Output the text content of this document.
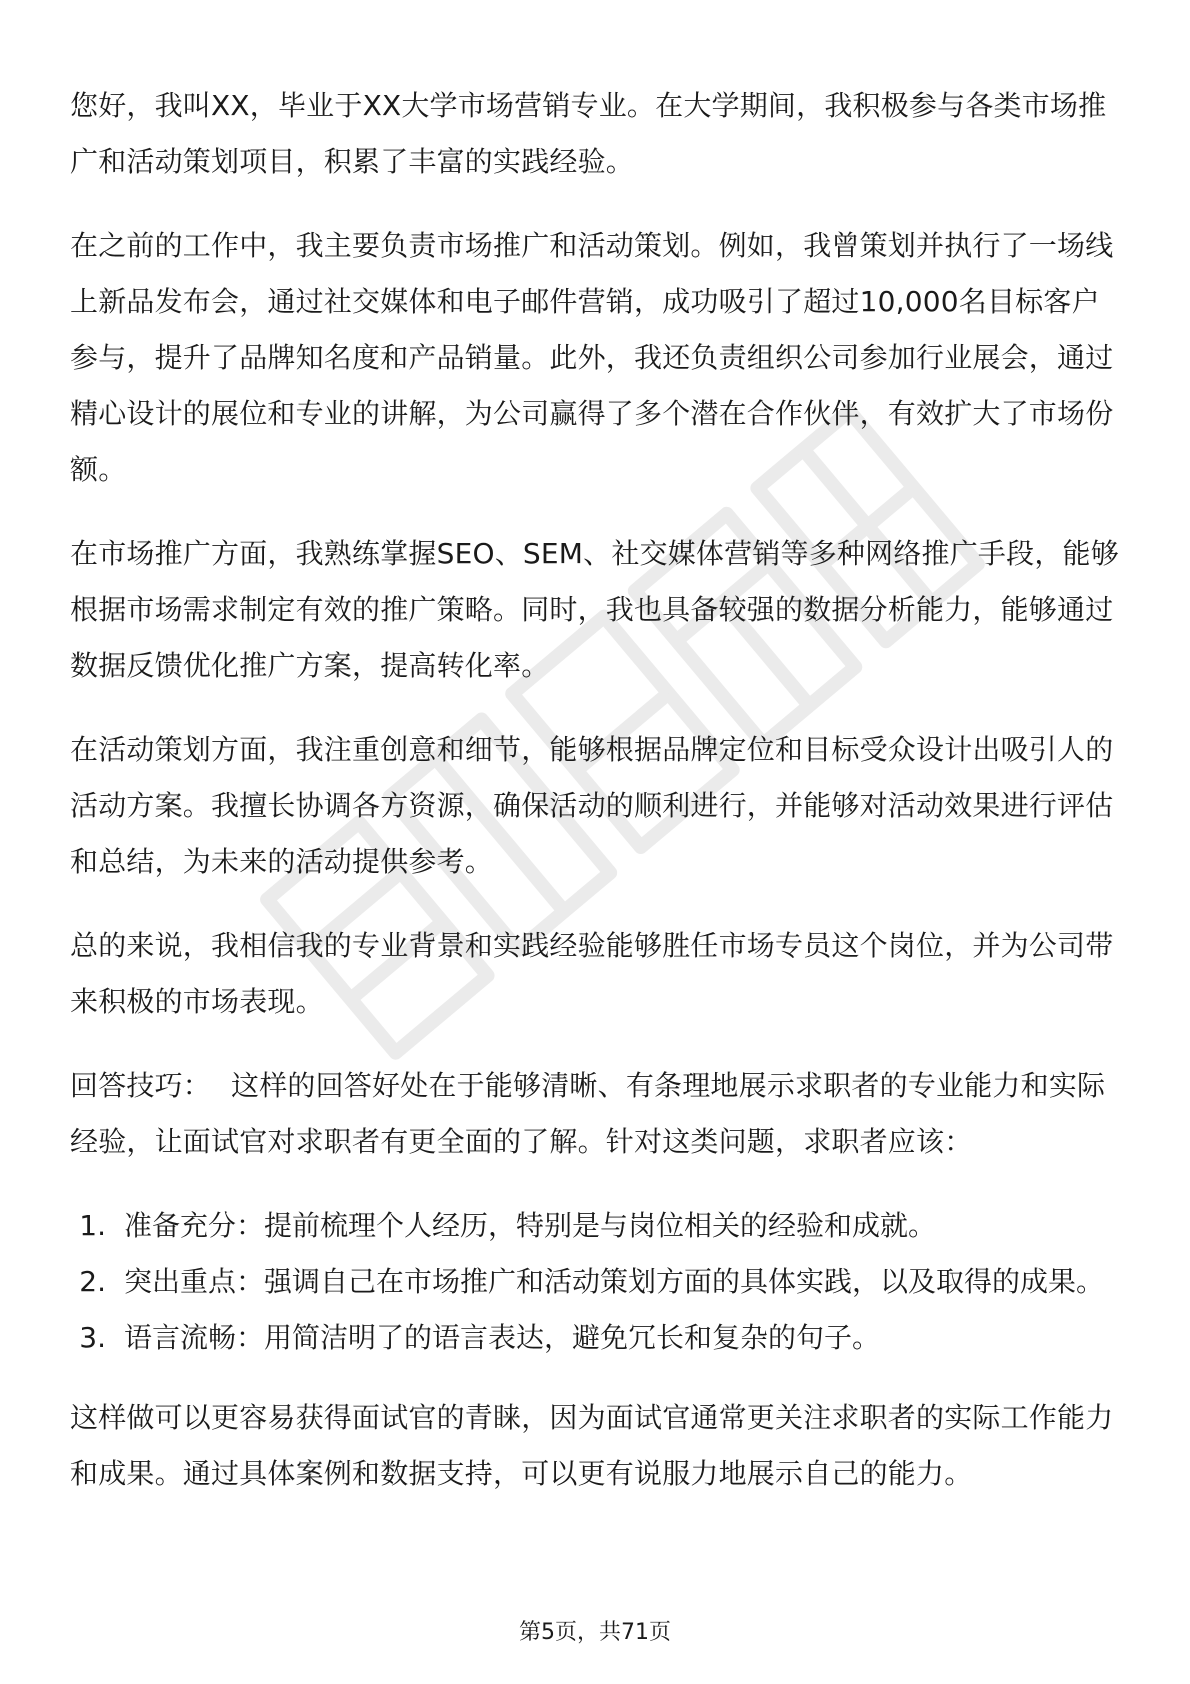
您好，我叫XX，毕业于XX大学市场营销专业。在大学期间，我积极参与各类市场推广和活动策划项目，积累了丰富的实践经验。

在之前的工作中，我主要负责市场推广和活动策划。例如，我曾策划并执行了一场线上新品发布会，通过社交媒体和电子邮件营销，成功吸引了超过10,000名目标客户参与，提升了品牌知名度和产品销量。此外，我还负责组织公司参加行业展会，通过精心设计的展位和专业的讲解，为公司赢得了多个潜在合作伙伴，有效扩大了市场份额。

在市场推广方面，我熟练掌握SEO、SEM、社交媒体营销等多种网络推广手段，能够根据市场需求制定有效的推广策略。同时，我也具备较强的数据分析能力，能够通过数据反馈优化推广方案，提高转化率。

在活动策划方面，我注重创意和细节，能够根据品牌定位和目标受众设计出吸引人的活动方案。我擅长协调各方资源，确保活动的顺利进行，并能够对活动效果进行评估和总结，为未来的活动提供参考。

总的来说，我相信我的专业背景和实践经验能够胜任市场专员这个岗位，并为公司带来积极的市场表现。

回答技巧： 这样的回答好处在于能够清晰、有条理地展示求职者的专业能力和实际经验，让面试官对求职者有更全面的了解。针对这类问题，求职者应该：

1. 准备充分：提前梳理个人经历，特别是与岗位相关的经验和成就。
2. 突出重点：强调自己在市场推广和活动策划方面的具体实践，以及取得的成果。
3. 语言流畅：用简洁明了的语言表达，避免冗长和复杂的句子。

这样做可以更容易获得面试官的青睐，因为面试官通常更关注求职者的实际工作能力和成果。通过具体案例和数据支持，可以更有说服力地展示自己的能力。

第5页，共71页
